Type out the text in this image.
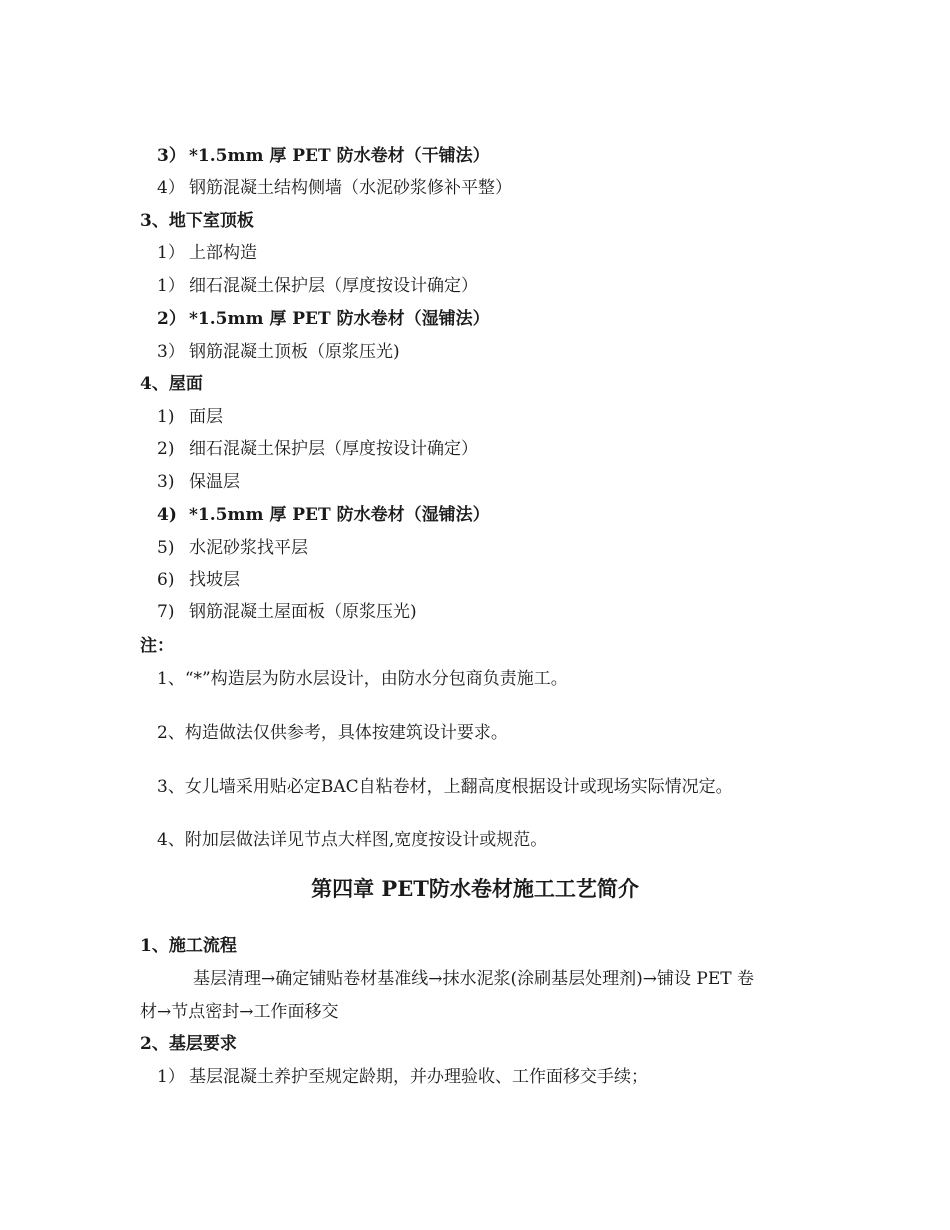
3） *1.5mm 厚 PET 防水卷材（干铺法）
4） 钢筋混凝土结构侧墙（水泥砂浆修补平整）
3、地下室顶板
1） 上部构造
1） 细石混凝土保护层（厚度按设计确定）
2） *1.5mm 厚 PET 防水卷材（湿铺法）
3） 钢筋混凝土顶板（原浆压光)
4、屋面
1) 面层
2) 细石混凝土保护层（厚度按设计确定）
3) 保温层
4) *1.5mm 厚 PET 防水卷材（湿铺法）
5) 水泥砂浆找平层
6) 找坡层
7) 钢筋混凝土屋面板（原浆压光)
注：
1、“*”构造层为防水层设计，由防水分包商负责施工。
2、构造做法仅供参考，具体按建筑设计要求。
3、女儿墙采用贴必定BAC自粘卷材，上翻高度根据设计或现场实际情况定。
4、附加层做法详见节点大样图,宽度按设计或规范。
第四章 PET防水卷材施工工艺简介
1、施工流程
基层清理→确定铺贴卷材基准线→抹水泥浆(涂刷基层处理剂)→铺设 PET 卷
材→节点密封→工作面移交
2、基层要求
1） 基层混凝土养护至规定龄期，并办理验收、工作面移交手续；
